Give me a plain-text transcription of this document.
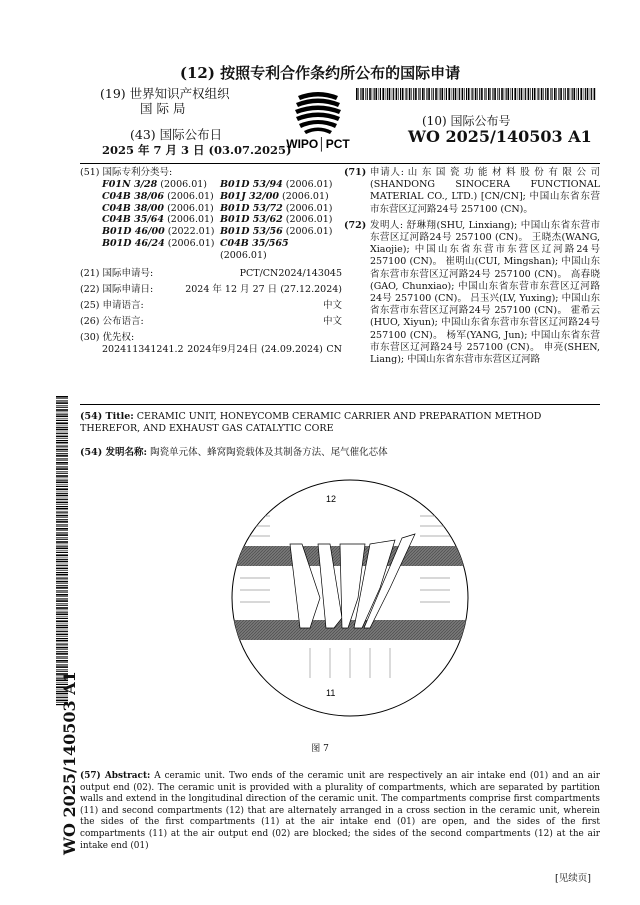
(12) 按照专利合作条约所公布的国际申请
(19) 世界知识产权组织
国 际 局
(43) 国际公布日
2025 年 7 月 3 日 (03.07.2025)
WIPO│PCT
(10) 国际公布号
WO 2025/140503 A1
(51) 国际专利分类号:
F01N 3/28 (2006.01)	B01D 53/94 (2006.01)
C04B 38/06 (2006.01) B01J 32/00 (2006.01)
C04B 38/00 (2006.01) B01D 53/72 (2006.01)
C04B 35/64 (2006.01) B01D 53/62 (2006.01)
B01D 46/00 (2022.01) B01D 53/56 (2006.01)
B01D 46/24 (2006.01) C04B 35/565 (2006.01)
(21) 国际申请号:	PCT/CN2024/143045
(22) 国际申请日:	2024 年 12 月 27 日 (27.12.2024)
(25) 申请语言:	中文
(26) 公布语言:	中文
(30) 优先权:
202411341241.2 2024年9月24日 (24.09.2024) CN
(71) 申请人: 山 东 国 瓷 功 能 材 料 股 份 有 限 公 司 (SHANDONG SINOCERA FUNCTIONAL MATERIAL CO., LTD.) [CN/CN]; 中国山东省东营市东营区辽河路24号 257100 (CN)。
(72) 发明人: 舒琳翔(SHU, Linxiang); 中国山东省东营市东营区辽河路24号 257100 (CN)。 王晓杰(WANG, Xiaojie); 中国山东省东营市东营区辽河路24号 257100 (CN)。 崔明山(CUI, Mingshan); 中国山东省东营市东营区辽河路24号 257100 (CN)。 高春晓(GAO, Chunxiao); 中国山东省东营市东营区辽河路24号 257100 (CN)。 吕玉兴(LV, Yuxing); 中国山东省东营市东营区辽河路24号 257100 (CN)。 霍希云(HUO, Xiyun); 中国山东省东营市东营区辽河路24号 257100 (CN)。 杨军(YANG, Jun); 中国山东省东营市东营区辽河路24号 257100 (CN)。 申亮(SHEN, Liang); 中国山东省东营市东营区辽河路
WO 2025/140503 A1
(54) Title: CERAMIC UNIT, HONEYCOMB CERAMIC CARRIER AND PREPARATION METHOD THEREFOR, AND EXHAUST GAS CATALYTIC CORE
(54) 发明名称: 陶瓷单元体、蜂窝陶瓷载体及其制备方法、尾气催化芯体
12
11
图 7
(57) Abstract: A ceramic unit. Two ends of the ceramic unit are respectively an air intake end (01) and an air output end (02). The ceramic unit is provided with a plurality of compartments, which are separated by partition walls and extend in the longitudinal direction of the ceramic unit. The compartments comprise first compartments (11) and second compartments (12) that are alternately arranged in a cross section in the ceramic unit, wherein the sides of the first compartments (11) at the air intake end (01) are open, and the sides of the first compartments (11) at the air output end (02) are blocked; the sides of the second compartments (12) at the air intake end (01)
[见续页]
